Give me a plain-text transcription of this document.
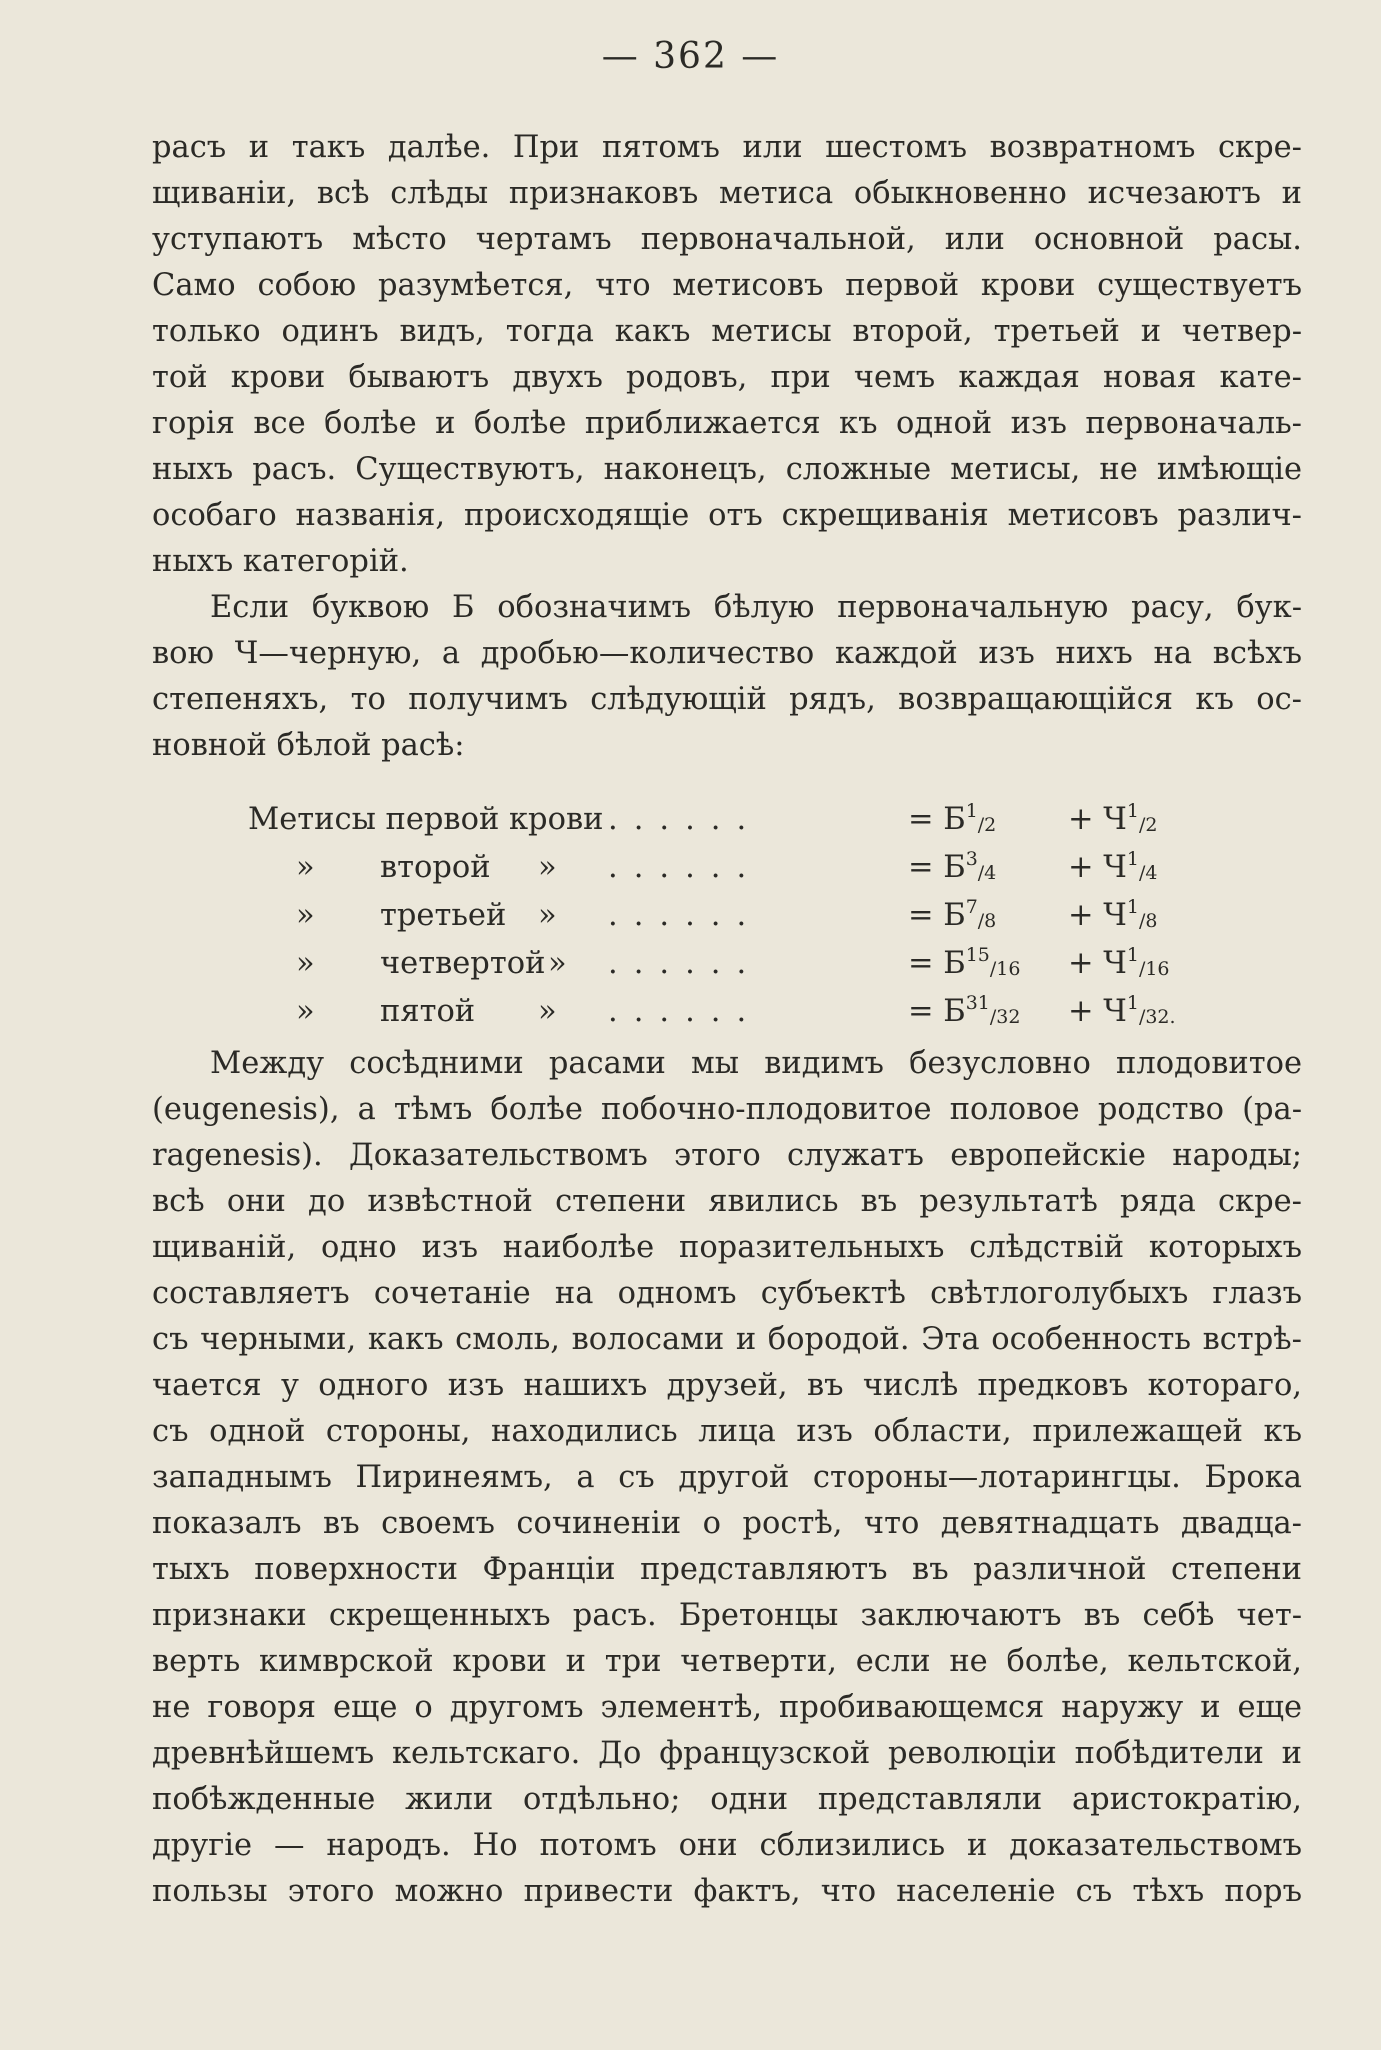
— 362 —
расъ и такъ далѣе. При пятомъ или шестомъ возвратномъ скре-
щиваніи, всѣ слѣды признаковъ метиса обыкновенно исчезаютъ и
уступаютъ мѣсто чертамъ первоначальной, или основной расы.
Само собою разумѣется, что метисовъ первой крови существуетъ
только одинъ видъ, тогда какъ метисы второй, третьей и четвер-
той крови бываютъ двухъ родовъ, при чемъ каждая новая кате-
горія все болѣе и болѣе приближается къ одной изъ первоначаль-
ныхъ расъ. Существуютъ, наконецъ, сложные метисы, не имѣющіе
особаго названія, происходящіе отъ скрещиванія метисовъ различ-
ныхъ категорій.
Если буквою Б обозначимъ бѣлую первоначальную расу, бук-
вою Ч—черную, а дробью—количество каждой изъ нихъ на всѣхъ
степеняхъ, то получимъ слѣдующій рядъ, возвращающійся къ ос-
новной бѣлой расѣ:
Метисы первой крови ......	= $Б^1_{/2} + Ч^1_{/2}$
» второй » ......	= $Б^3_{/4} + Ч^1_{/4}$
» третьей » ......	= $Б^7_{/8} + Ч^1_{/8}$
» четвертой » ......	= $Б^{15}_{/16} + Ч^1_{/16}$
» пятой » ......	= $Б^{31}_{/32} + Ч^1_{/32.}$
Между сосѣдними расами мы видимъ безусловно плодовитое
(eugenesis), а тѣмъ болѣе побочно-плодовитое половое родство (pa-
ragenesis). Доказательствомъ этого служатъ европейскіе народы;
всѣ они до извѣстной степени явились въ результатѣ ряда скре-
щиваній, одно изъ наиболѣе поразительныхъ слѣдствій которыхъ
составляетъ сочетаніе на одномъ субъектѣ свѣтлоголубыхъ глазъ
съ черными, какъ смоль, волосами и бородой. Эта особенность встрѣ-
чается у одного изъ нашихъ друзей, въ числѣ предковъ котораго,
съ одной стороны, находились лица изъ области, прилежащей къ
западнымъ Пиринеямъ, а съ другой стороны—лотарингцы. Брока
показалъ въ своемъ сочиненіи о ростѣ, что девятнадцать двадца-
тыхъ поверхности Франціи представляютъ въ различной степени
признаки скрещенныхъ расъ. Бретонцы заключаютъ въ себѣ чет-
верть кимврской крови и три четверти, если не болѣе, кельтской,
не говоря еще о другомъ элементѣ, пробивающемся наружу и еще
древнѣйшемъ кельтскаго. До французской революціи побѣдители и
побѣжденные жили отдѣльно; одни представляли аристократію,
другіе — народъ. Но потомъ они сблизились и доказательствомъ
пользы этого можно привести фактъ, что населеніе съ тѣхъ поръ
